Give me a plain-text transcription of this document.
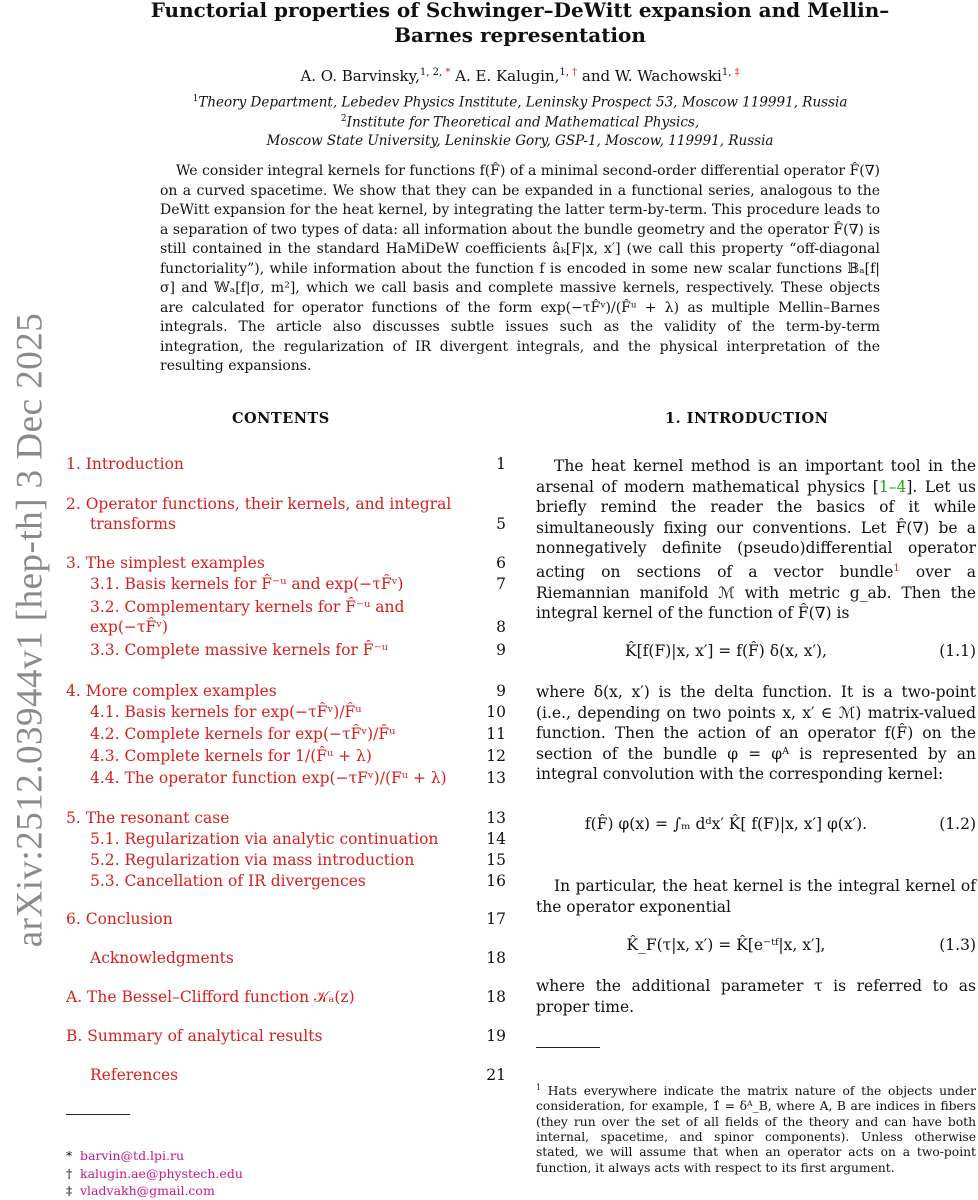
arXiv:2512.03944v1 [hep-th] 3 Dec 2025
Functorial properties of Schwinger–DeWitt expansion and Mellin–Barnes representation
A. O. Barvinsky,$^{1, 2, *}$ A. E. Kalugin,$^{1, \dagger}$ and W. Wachowski$^{1, \ddagger}$
$^1$Theory Department, Lebedev Physics Institute, Leninsky Prospect 53, Moscow 119991, Russia
$^2$Institute for Theoretical and Mathematical Physics,
Moscow State University, Leninskie Gory, GSP-1, Moscow, 119991, Russia

We consider integral kernels for functions f(F̂) of a minimal second-order differential operator F̂(∇) on a curved spacetime. We show that they can be expanded in a functional series, analogous to the DeWitt expansion for the heat kernel, by integrating the latter term-by-term. This procedure leads to a separation of two types of data: all information about the bundle geometry and the operator F̂(∇) is still contained in the standard HaMiDeW coefficients âₖ[F|x, x′] (we call this property “off-diagonal functoriality”), while information about the function f is encoded in some new scalar functions 𝔹ₐ[f|σ] and 𝕎ₐ[f|σ, m²], which we call basis and complete massive kernels, respectively. These objects are calculated for operator functions of the form exp(−τF̂ᵛ)/(F̂ᵘ + λ) as multiple Mellin–Barnes integrals. The article also discusses subtle issues such as the validity of the term-by-term integration, the regularization of IR divergent integrals, and the physical interpretation of the resulting expansions.

CONTENTS	1. INTRODUCTION
1. Introduction	1
2. Operator functions, their kernels, and integral
transforms	5
3. The simplest examples	6
3.1. Basis kernels for F̂⁻ᵘ and exp(−τF̂ᵛ)	7
3.2. Complementary kernels for F̂⁻ᵘ and
exp(−τF̂ᵛ)	8
3.3. Complete massive kernels for F̂⁻ᵘ	9
4. More complex examples	9
4.1. Basis kernels for exp(−τF̂ᵛ)/F̂ᵘ	10
4.2. Complete kernels for exp(−τF̂ᵛ)/F̂ᵘ	11
4.3. Complete kernels for 1/(F̂ᵘ + λ)	12
4.4. The operator function exp(−τFᵛ)/(Fᵘ + λ)	13
5. The resonant case	13
5.1. Regularization via analytic continuation	14
5.2. Regularization via mass introduction	15
5.3. Cancellation of IR divergences	16
6. Conclusion	17
Acknowledgments	18
A. The Bessel–Clifford function 𝒦ₐ(z)	18
B. Summary of analytical results	19
References	21
* barvin@td.lpi.ru
† kalugin.ae@phystech.edu
‡ vladvakh@gmail.com
The heat kernel method is an important tool in the arsenal of modern mathematical physics [1–4]. Let us briefly remind the reader the basics of it while simultaneously fixing our conventions. Let F̂(∇) be a nonnegatively definite (pseudo)differential operator acting on sections of a vector bundle$^1$ over a Riemannian manifold ℳ with metric g_ab. Then the integral kernel of the function of F̂(∇) is
K̂[f(F)|x, x′] = f(F̂) δ(x, x′),	(1.1)
where δ(x, x′) is the delta function. It is a two-point (i.e., depending on two points x, x′ ∈ ℳ) matrix-valued function. Then the action of an operator f(F̂) on the section of the bundle φ = φᴬ is represented by an integral convolution with the corresponding kernel:
f(F̂) φ(x) = ∫ₘ dᵈx′ K̂[ f(F)|x, x′] φ(x′).	(1.2)
In particular, the heat kernel is the integral kernel of the operator exponential
K̂_F(τ|x, x′) = K̂[e⁻ᵗᶠ|x, x′],	(1.3)
where the additional parameter τ is referred to as proper time.
$^1$ Hats everywhere indicate the matrix nature of the objects under consideration, for example, 1̂ = δᴬ_B, where A, B are indices in fibers (they run over the set of all fields of the theory and can have both internal, spacetime, and spinor components). Unless otherwise stated, we will assume that when an operator acts on a two-point function, it always acts with respect to its first argument.
